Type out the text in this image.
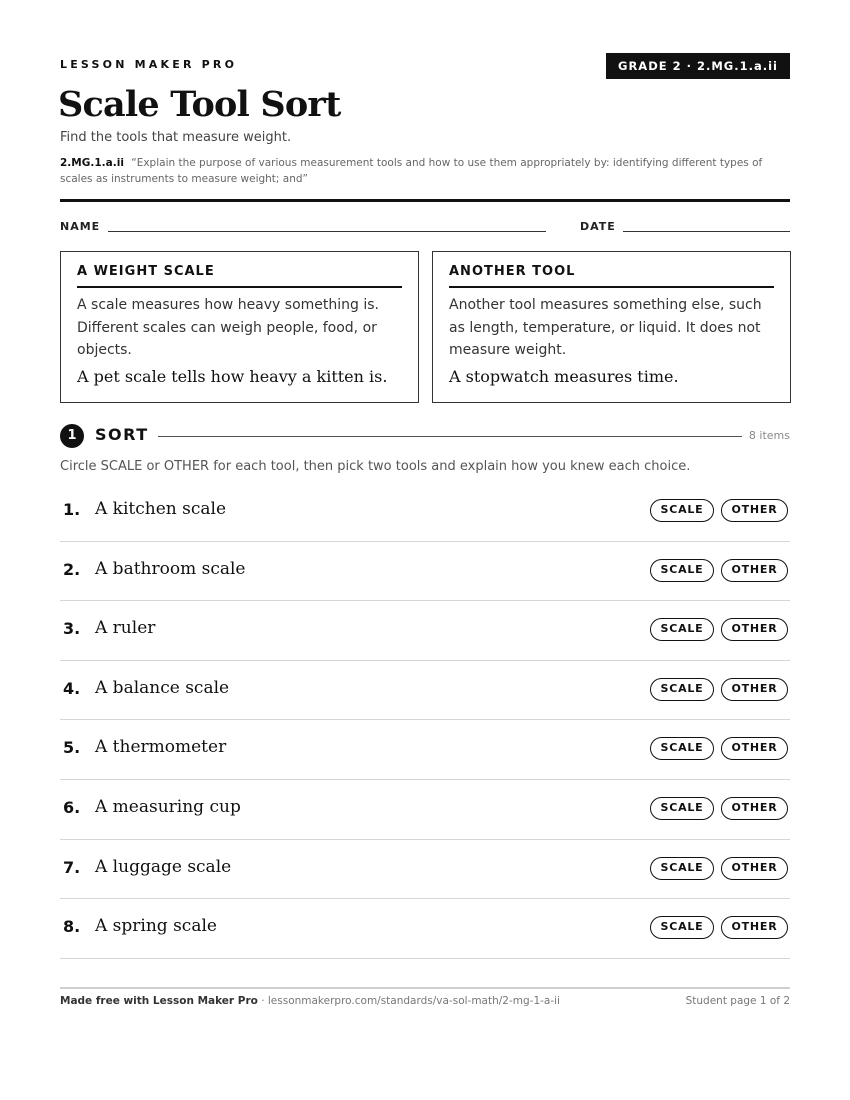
LESSON MAKER PRO	GRADE 2 · 2.MG.1.a.ii
Scale Tool Sort
Find the tools that measure weight.
2.MG.1.a.ii “Explain the purpose of various measurement tools and how to use them appropriately by: identifying different types of scales as instruments to measure weight; and”
NAME	DATE
A WEIGHT SCALE
A scale measures how heavy something is. Different scales can weigh people, food, or objects.
A pet scale tells how heavy a kitten is.
ANOTHER TOOL
Another tool measures something else, such as length, temperature, or liquid. It does not measure weight.
A stopwatch measures time.
1	SORT	8 items
Circle SCALE or OTHER for each tool, then pick two tools and explain how you knew each choice.
1. A kitchen scale	SCALE	OTHER
2. A bathroom scale	SCALE	OTHER
3. A ruler	SCALE	OTHER
4. A balance scale	SCALE	OTHER
5. A thermometer	SCALE	OTHER
6. A measuring cup	SCALE	OTHER
7. A luggage scale	SCALE	OTHER
8. A spring scale	SCALE	OTHER
Made free with Lesson Maker Pro · lessonmakerpro.com/standards/va-sol-math/2-mg-1-a-ii	Student page 1 of 2
